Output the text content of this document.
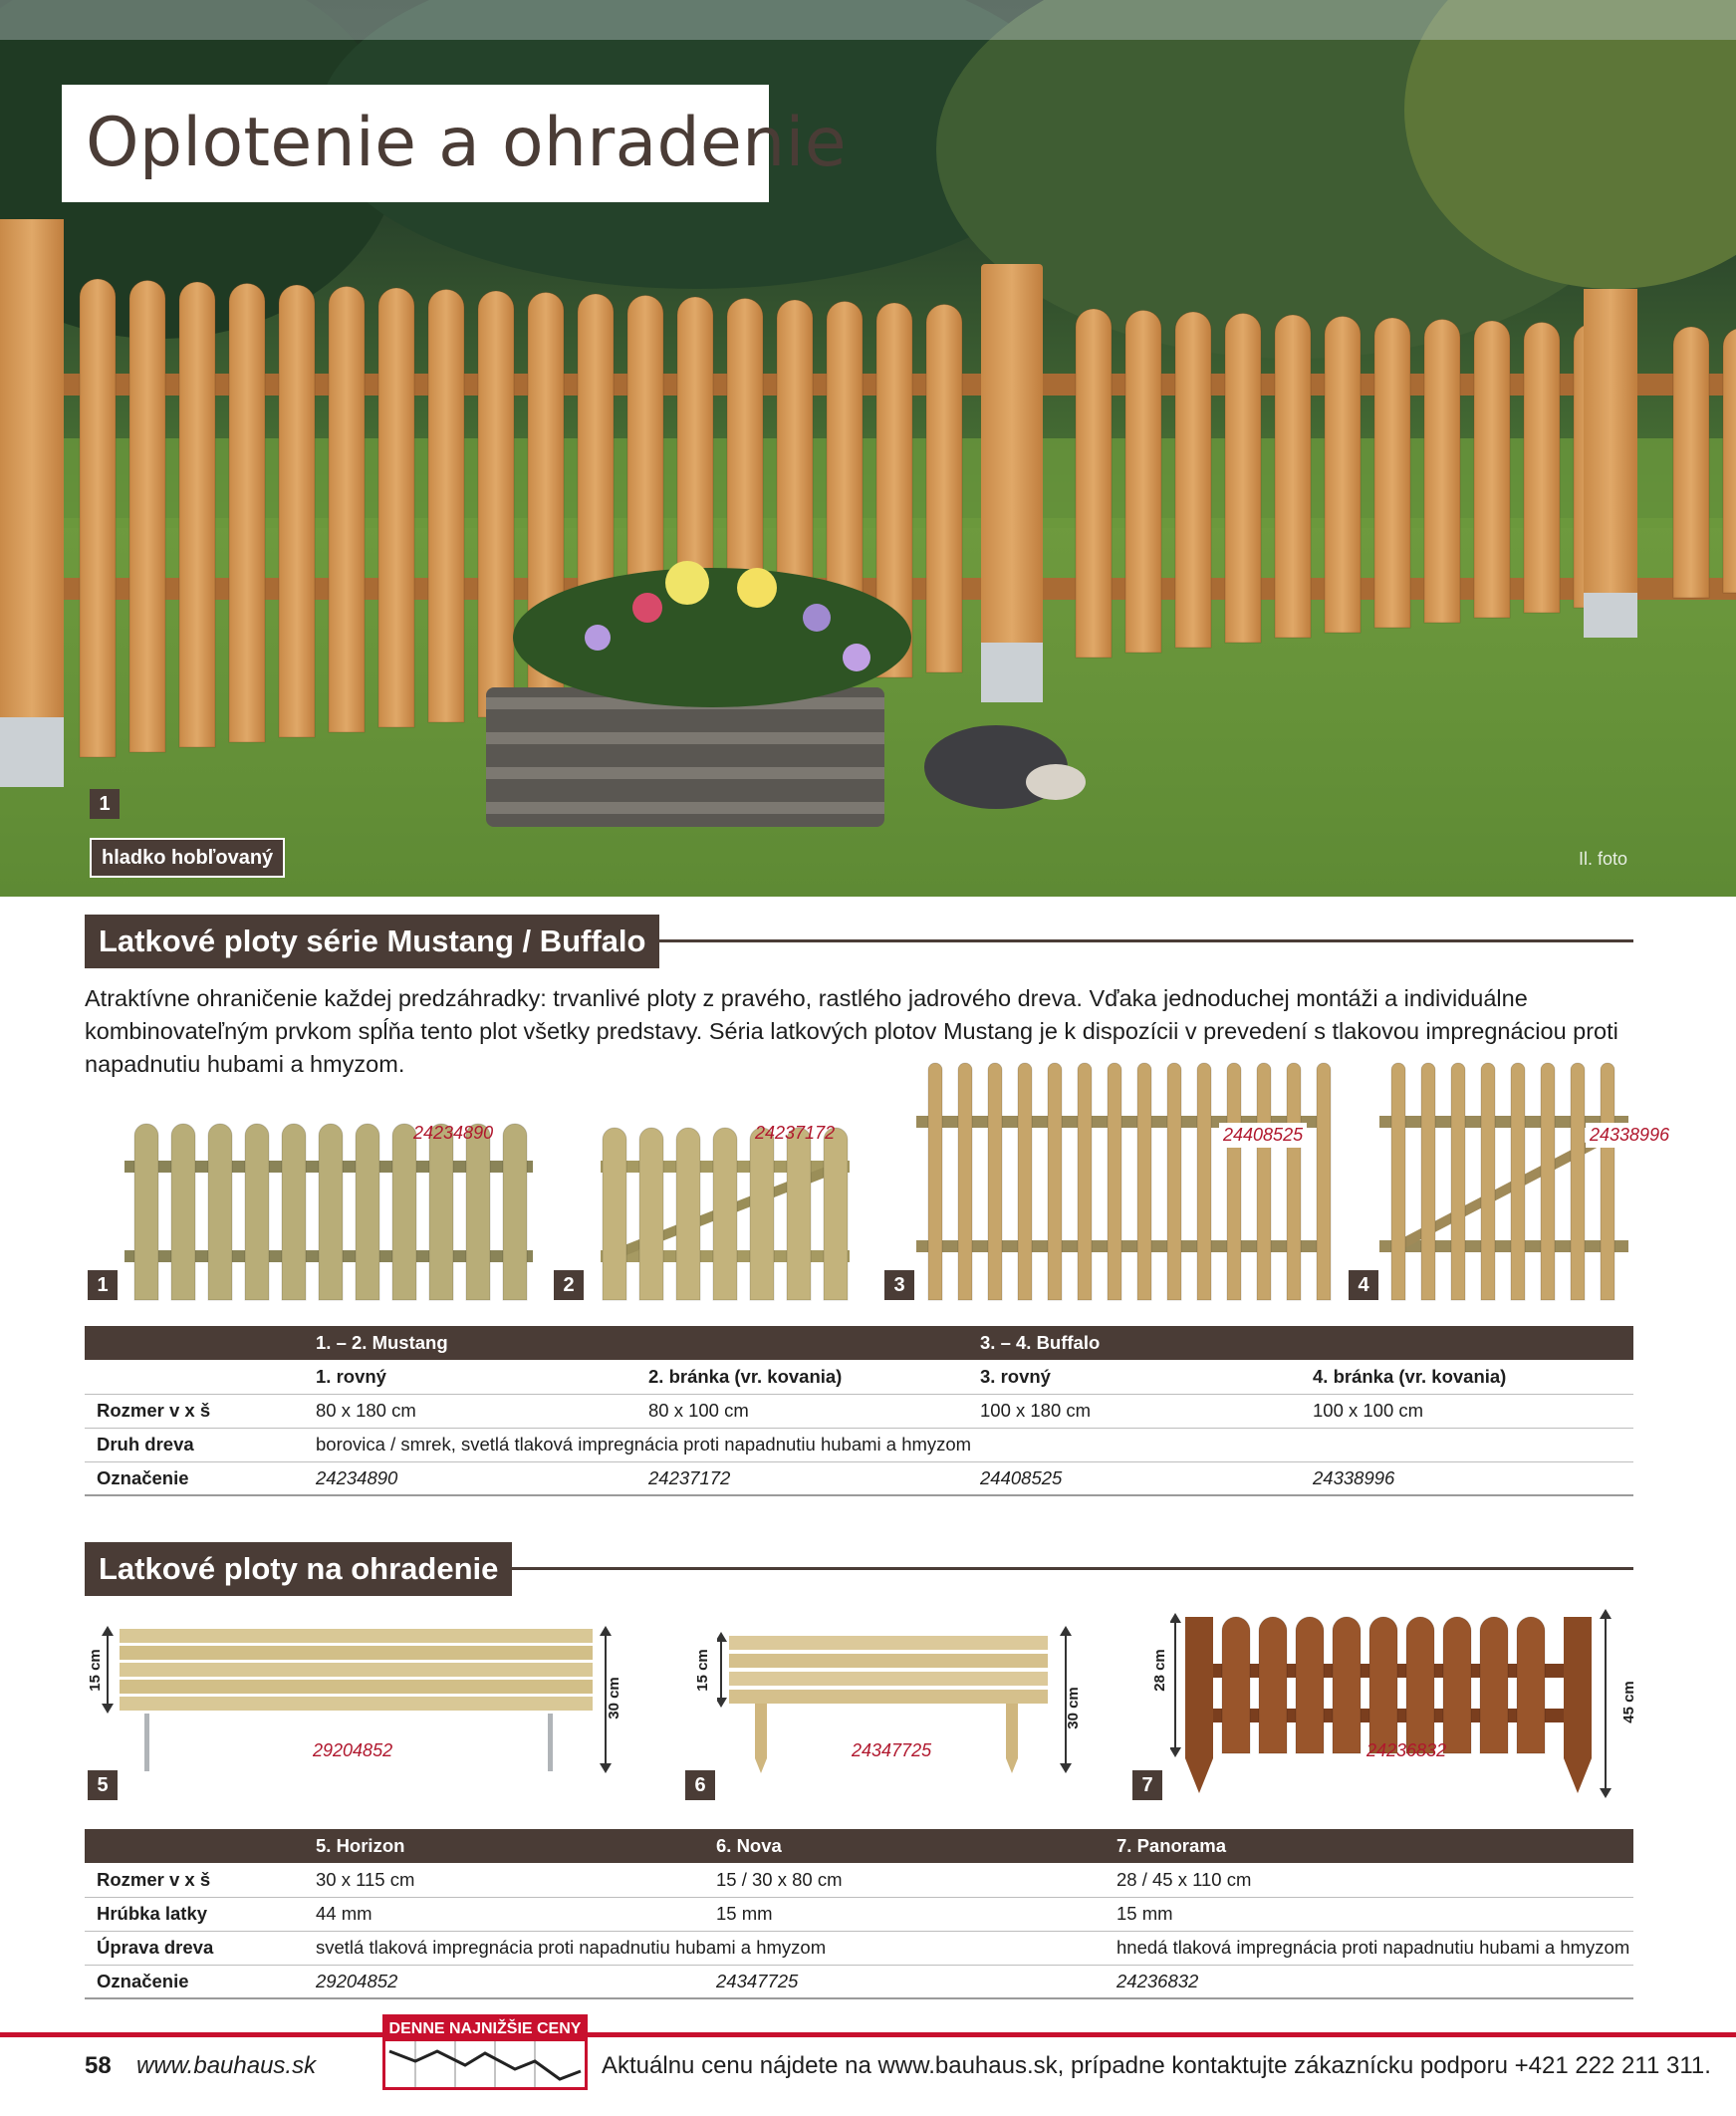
Oplotenie a ohradenie
1
hladko hobľovaný	Il. foto
Latkové ploty série Mustang / Buffalo
Atraktívne ohraničenie každej predzáhradky: trvanlivé ploty z pravého, rastlého jadrového dreva. Vďaka jednoduchej montáži a individuálne kombinovateľným prvkom spĺňa tento plot všetky predstavy. Séria latkových plotov Mustang je k dispozícii v prevedení s tlakovou impregnáciou proti napadnutiu hubami a hmyzom.
1
24234890
2
24237172
3
24408525
4
24338996
	1. – 2. Mustang		3. – 4. Buffalo	
	1. rovný	2. bránka (vr. kovania)	3. rovný	4. bránka (vr. kovania)
Rozmer v x š	80 x 180 cm	80 x 100 cm	100 x 180 cm	100 x 100 cm
Druh dreva	borovica / smrek, svetlá tlaková impregnácia proti napadnutiu hubami a hmyzom			
Označenie	24234890	24237172	24408525	24338996
Latkové ploty na ohradenie
15 cm
30 cm
5
29204852
15 cm
30 cm
6
24347725
28 cm
45 cm
7
24236832
	5. Horizon	6. Nova	7. Panorama
Rozmer v x š	30 x 115 cm	15 / 30 x 80 cm	28 / 45 x 110 cm
Hrúbka latky	44 mm	15 mm	15 mm
Úprava dreva	svetlá tlaková impregnácia proti napadnutiu hubami a hmyzom		hnedá tlaková impregnácia proti napadnutiu hubami a hmyzom
Označenie	29204852	24347725	24236832
58 www.bauhaus.sk
DENNE NAJNIŽŠIE CENY
Aktuálnu cenu nájdete na www.bauhaus.sk, prípadne kontaktujte zákaznícku podporu +421 222 211 311.
